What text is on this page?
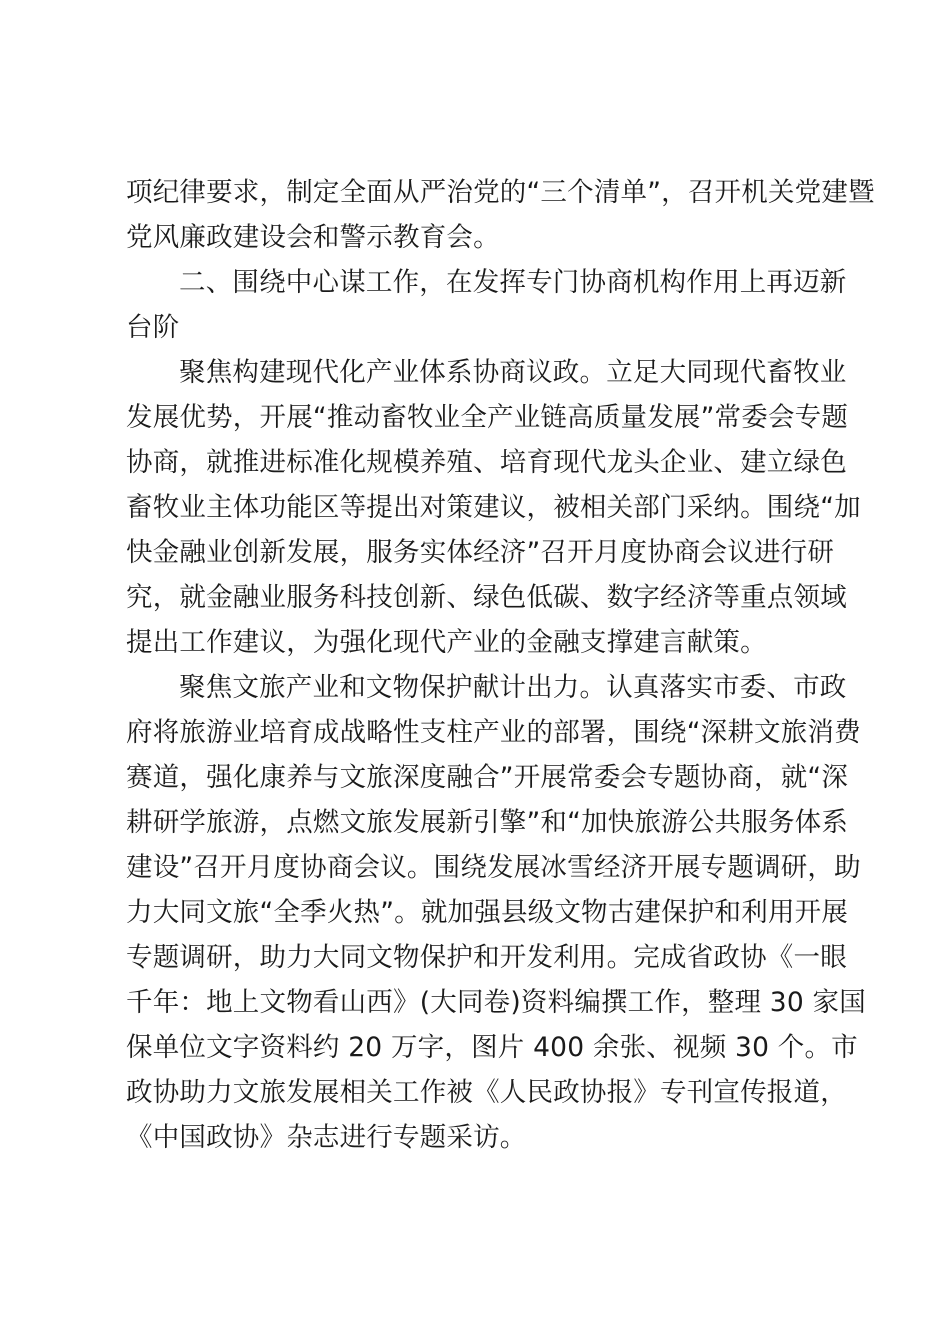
项纪律要求，制定全面从严治党的“三个清单”，召开机关党建暨
党风廉政建设会和警示教育会。
二、围绕中心谋工作，在发挥专门协商机构作用上再迈新
台阶
聚焦构建现代化产业体系协商议政。立足大同现代畜牧业
发展优势，开展“推动畜牧业全产业链高质量发展”常委会专题
协商，就推进标准化规模养殖、培育现代龙头企业、建立绿色
畜牧业主体功能区等提出对策建议，被相关部门采纳。围绕“加
快金融业创新发展，服务实体经济”召开月度协商会议进行研
究，就金融业服务科技创新、绿色低碳、数字经济等重点领域
提出工作建议，为强化现代产业的金融支撑建言献策。
聚焦文旅产业和文物保护献计出力。认真落实市委、市政
府将旅游业培育成战略性支柱产业的部署，围绕“深耕文旅消费
赛道，强化康养与文旅深度融合”开展常委会专题协商，就“深
耕研学旅游，点燃文旅发展新引擎”和“加快旅游公共服务体系
建设”召开月度协商会议。围绕发展冰雪经济开展专题调研，助
力大同文旅“全季火热”。就加强县级文物古建保护和利用开展
专题调研，助力大同文物保护和开发利用。完成省政协《一眼
千年：地上文物看山西》(大同卷)资料编撰工作，整理 30 家国
保单位文字资料约 20 万字，图片 400 余张、视频 30 个。市
政协助力文旅发展相关工作被《人民政协报》专刊宣传报道，
《中国政协》杂志进行专题采访。
